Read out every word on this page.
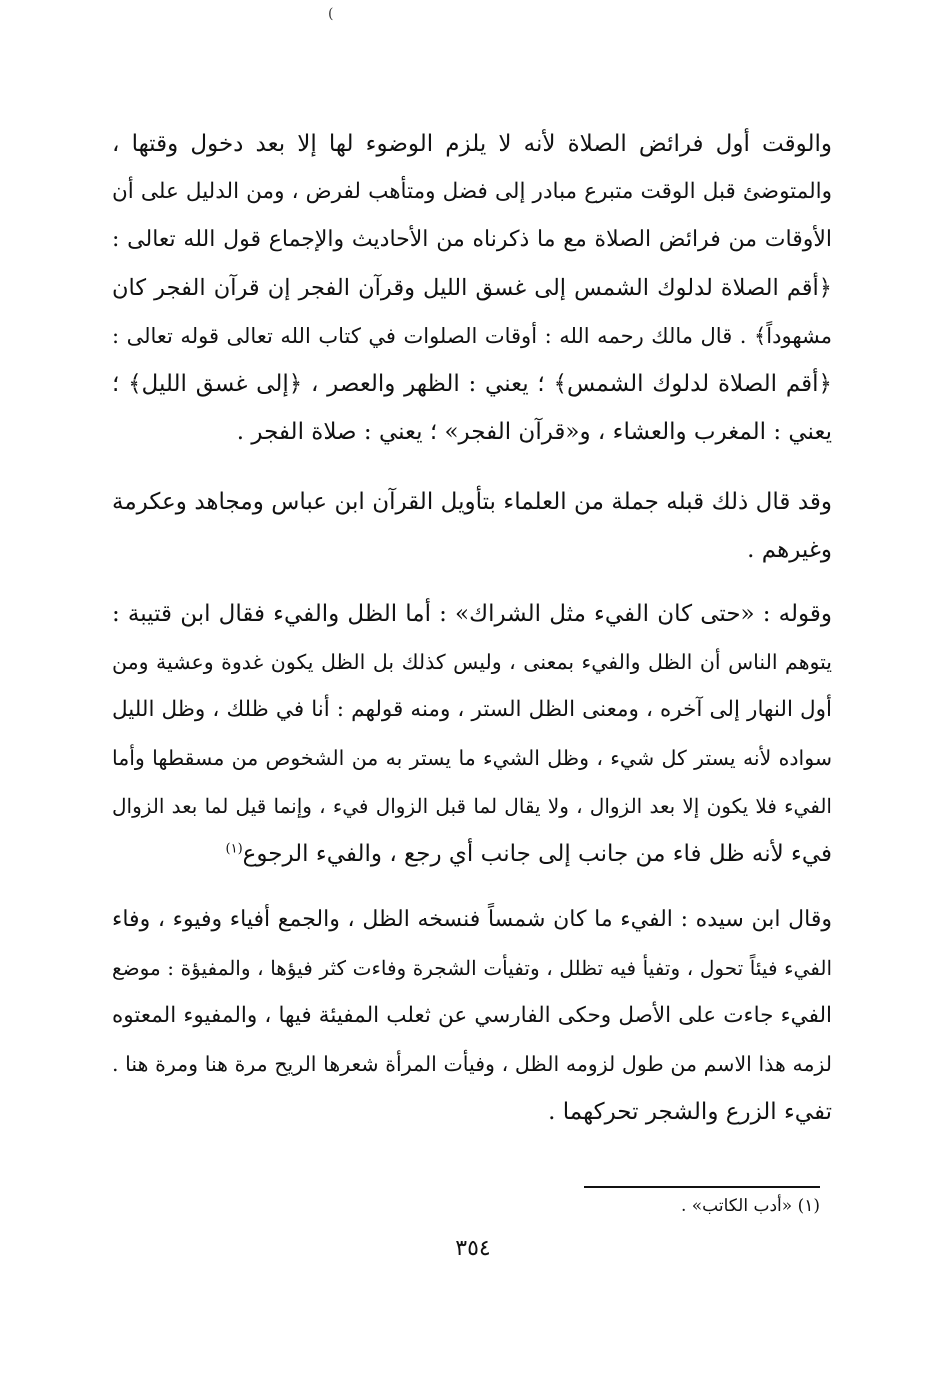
(
والوقت أول فرائض الصلاة لأنه لا يلزم الوضوء لها إلا بعد دخول وقتها ،
والمتوضئ قبل الوقت متبرع مبادر إلى فضل ومتأهب لفرض ، ومن الدليل على أن
الأوقات من فرائض الصلاة مع ما ذكرناه من الأحاديث والإجماع قول الله تعالى :
﴿أقم الصلاة لدلوك الشمس إلى غسق الليل وقرآن الفجر إن قرآن الفجر كان
مشهوداً﴾ . قال مالك رحمه الله : أوقات الصلوات في كتاب الله تعالى قوله تعالى :
﴿أقم الصلاة لدلوك الشمس﴾ ؛ يعني : الظهر والعصر ، ﴿إلى غسق الليل﴾ ؛
يعني : المغرب والعشاء ، و«قرآن الفجر» ؛ يعني : صلاة الفجر .
وقد قال ذلك قبله جملة من العلماء بتأويل القرآن ابن عباس ومجاهد وعكرمة
وغيرهم .
وقوله : «حتى كان الفيء مثل الشراك» : أما الظل والفيء فقال ابن قتيبة :
يتوهم الناس أن الظل والفيء بمعنى ، وليس كذلك بل الظل يكون غدوة وعشية ومن
أول النهار إلى آخره ، ومعنى الظل الستر ، ومنه قولهم : أنا في ظلك ، وظل الليل
سواده لأنه يستر كل شيء ، وظل الشيء ما يستر به من الشخوص من مسقطها وأما
الفيء فلا يكون إلا بعد الزوال ، ولا يقال لما قبل الزوال فيء ، وإنما قيل لما بعد الزوال
فيء لأنه ظل فاء من جانب إلى جانب أي رجع ، والفيء الرجوع$^{(١)}$
وقال ابن سيده : الفيء ما كان شمساً فنسخه الظل ، والجمع أفياء وفيوء ، وفاء
الفيء فيئاً تحول ، وتفيأ فيه تظلل ، وتفيأت الشجرة وفاءت كثر فيؤها ، والمفيؤة : موضع
الفيء جاءت على الأصل وحكى الفارسي عن ثعلب المفيئة فيها ، والمفيوء المعتوه
لزمه هذا الاسم من طول لزومه الظل ، وفيأت المرأة شعرها الريح مرة هنا ومرة هنا .
تفيء الزرع والشجر تحركهما .
(١) «أدب الكاتب» .
٣٥٤
